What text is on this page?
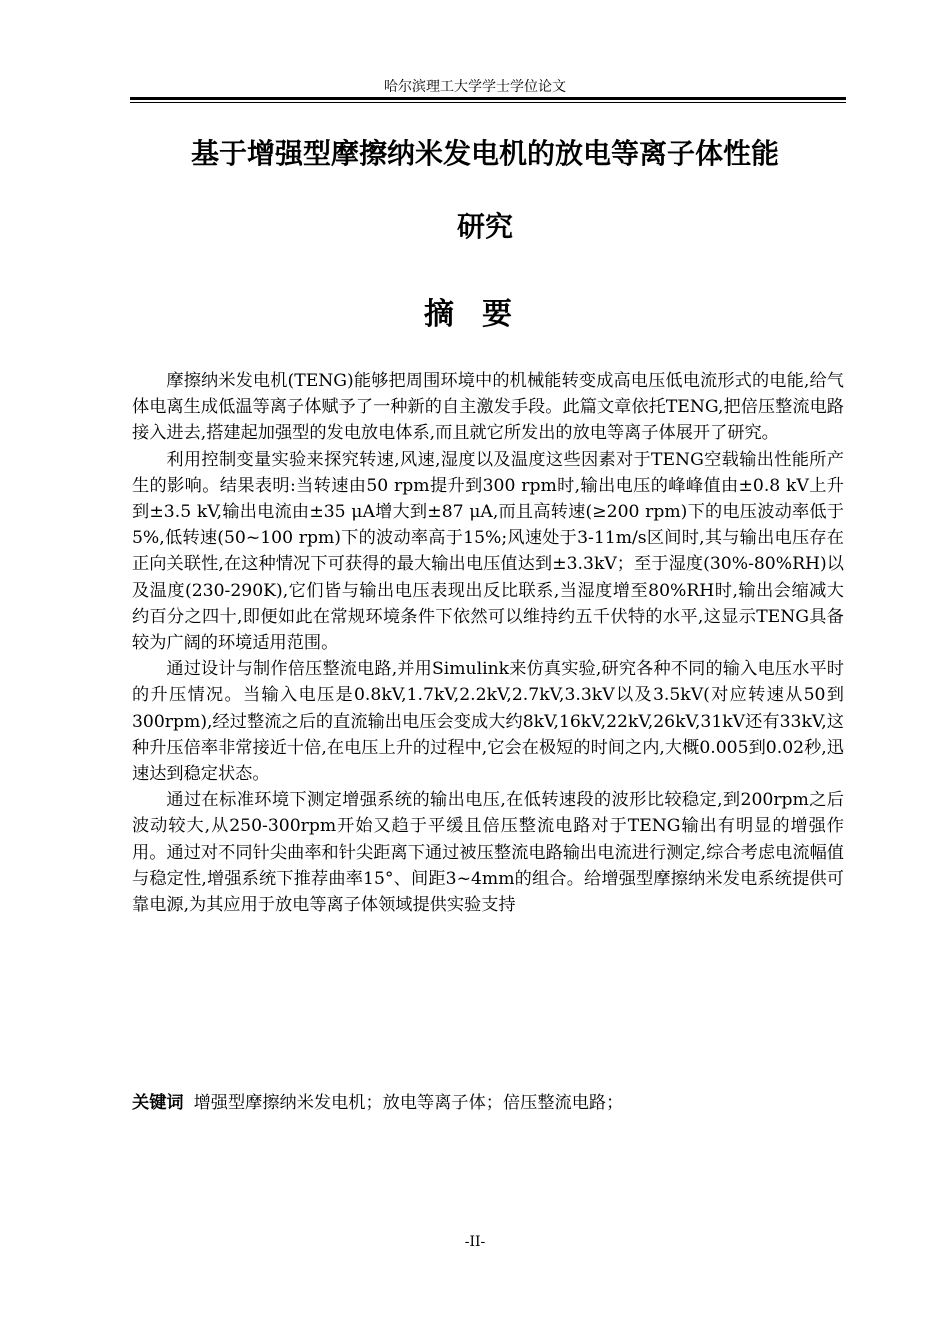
哈尔滨理工大学学士学位论文
基于增强型摩擦纳米发电机的放电等离子体性能
研究
摘要

摩擦纳米发电机(TENG)能够把周围环境中的机械能转变成高电压低电流形式的电能,给气体电离生成低温等离子体赋予了一种新的自主激发手段。此篇文章依托TENG,把倍压整流电路接入进去,搭建起加强型的发电放电体系,而且就它所发出的放电等离子体展开了研究。

利用控制变量实验来探究转速,风速,湿度以及温度这些因素对于TENG空载输出性能所产生的影响。结果表明:当转速由50 rpm提升到300 rpm时,输出电压的峰峰值由±0.8 kV上升到±3.5 kV,输出电流由±35 μA增大到±87 μA,而且高转速(≥200 rpm)下的电压波动率低于5%,低转速(50~100 rpm)下的波动率高于15%;风速处于3-11m/s区间时,其与输出电压存在正向关联性,在这种情况下可获得的最大输出电压值达到±3.3kV；至于湿度(30%-80%RH)以及温度(230-290K),它们皆与输出电压表现出反比联系,当湿度增至80%RH时,输出会缩减大约百分之四十,即便如此在常规环境条件下依然可以维持约五千伏特的水平,这显示TENG具备较为广阔的环境适用范围。

通过设计与制作倍压整流电路,并用Simulink来仿真实验,研究各种不同的输入电压水平时的升压情况。当输入电压是0.8kV,1.7kV,2.2kV,2.7kV,3.3kV以及3.5kV(对应转速从50到300rpm),经过整流之后的直流输出电压会变成大约8kV,16kV,22kV,26kV,31kV还有33kV,这种升压倍率非常接近十倍,在电压上升的过程中,它会在极短的时间之内,大概0.005到0.02秒,迅速达到稳定状态。

通过在标准环境下测定增强系统的输出电压,在低转速段的波形比较稳定,到200rpm之后波动较大,从250-300rpm开始又趋于平缓且倍压整流电路对于TENG输出有明显的增强作用。通过对不同针尖曲率和针尖距离下通过被压整流电路输出电流进行测定,综合考虑电流幅值与稳定性,增强系统下推荐曲率15°、间距3~4mm的组合。给增强型摩擦纳米发电系统提供可靠电源,为其应用于放电等离子体领域提供实验支持

关键词 增强型摩擦纳米发电机；放电等离子体；倍压整流电路；
-II-
